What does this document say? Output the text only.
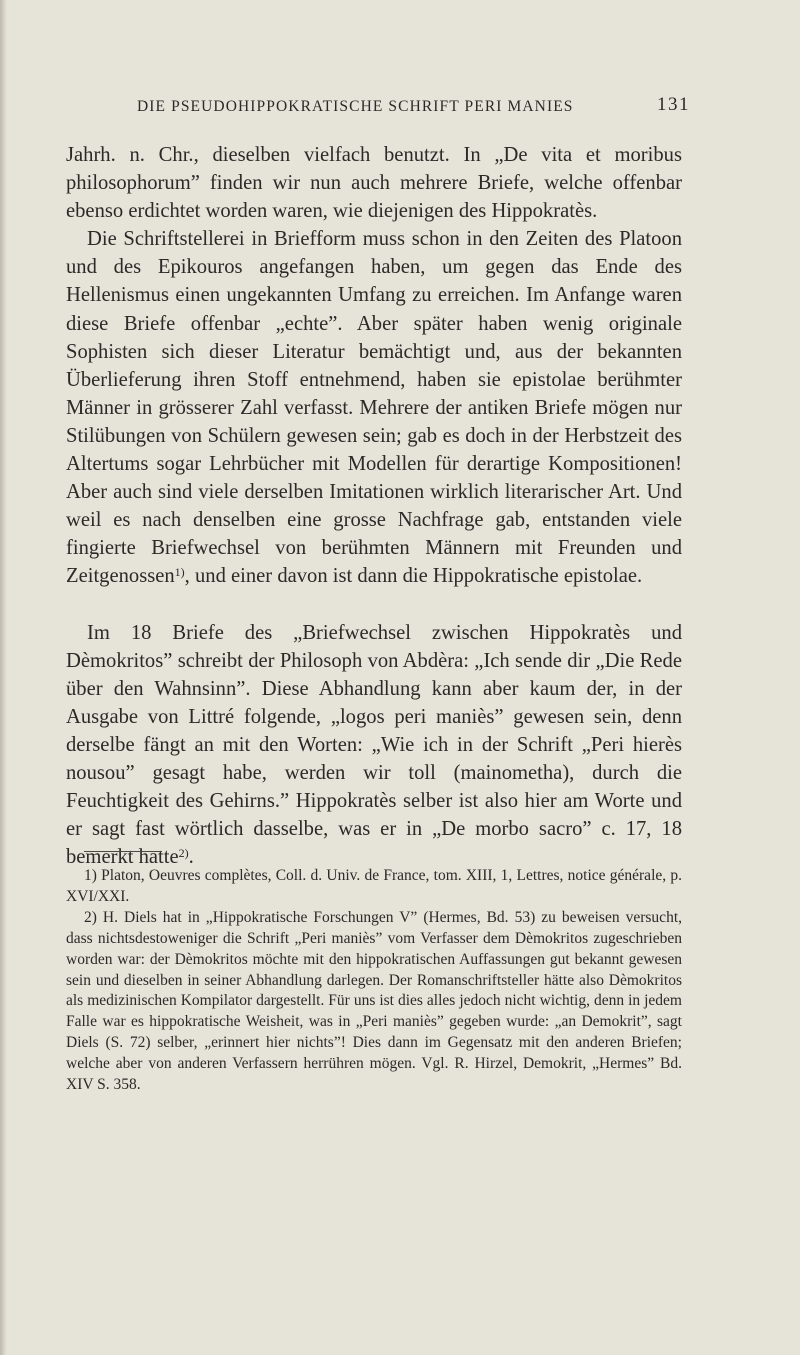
DIE PSEUDOHIPPOKRATISCHE SCHRIFT PERI MANIES	131

Jahrh. n. Chr., dieselben vielfach benutzt. In „De vita et moribus philosophorum” finden wir nun auch mehrere Briefe, welche offenbar ebenso erdichtet worden waren, wie diejenigen des Hippokratès.

Die Schriftstellerei in Briefform muss schon in den Zeiten des Platoon und des Epikouros angefangen haben, um gegen das Ende des Hellenismus einen ungekannten Umfang zu erreichen. Im Anfange waren diese Briefe offenbar „echte”. Aber später haben wenig originale Sophisten sich dieser Literatur bemächtigt und, aus der bekannten Überlieferung ihren Stoff entnehmend, haben sie epistolae berühmter Männer in grösserer Zahl verfasst. Mehrere der antiken Briefe mögen nur Stilübungen von Schülern gewesen sein; gab es doch in der Herbstzeit des Altertums sogar Lehrbücher mit Modellen für derartige Kompositionen! Aber auch sind viele derselben Imitationen wirklich literarischer Art. Und weil es nach denselben eine grosse Nachfrage gab, entstanden viele fingierte Briefwechsel von berühmten Männern mit Freunden und Zeitgenossen$^{1)}$, und einer davon ist dann die Hippokratische epistolae.

Im 18 Briefe des „Briefwechsel zwischen Hippokratès und Dèmokritos” schreibt der Philosoph von Abdèra: „Ich sende dir „Die Rede über den Wahnsinn”. Diese Abhandlung kann aber kaum der, in der Ausgabe von Littré folgende, „logos peri maniès” gewesen sein, denn derselbe fängt an mit den Worten: „Wie ich in der Schrift „Peri hierès nousou” gesagt habe, werden wir toll (mainometha), durch die Feuchtigkeit des Gehirns.” Hippokratès selber ist also hier am Worte und er sagt fast wörtlich dasselbe, was er in „De morbo sacro” c. 17, 18 bemerkt hatte$^{2)}$.

1) Platon, Oeuvres complètes, Coll. d. Univ. de France, tom. XIII, 1, Lettres, notice générale, p. XVI/XXI.

2) H. Diels hat in „Hippokratische Forschungen V” (Hermes, Bd. 53) zu beweisen versucht, dass nichtsdestoweniger die Schrift „Peri maniès” vom Verfasser dem Dèmokritos zugeschrieben worden war: der Dèmokritos möchte mit den hippokratischen Auffassungen gut bekannt gewesen sein und dieselben in seiner Abhandlung darlegen. Der Romanschriftsteller hätte also Dèmokritos als medizinischen Kompilator dargestellt. Für uns ist dies alles jedoch nicht wichtig, denn in jedem Falle war es hippokratische Weisheit, was in „Peri maniès” gegeben wurde: „an Demokrit”, sagt Diels (S. 72) selber, „erinnert hier nichts”! Dies dann im Gegensatz mit den anderen Briefen; welche aber von anderen Verfassern herrühren mögen. Vgl. R. Hirzel, Demokrit, „Hermes” Bd. XIV S. 358.
